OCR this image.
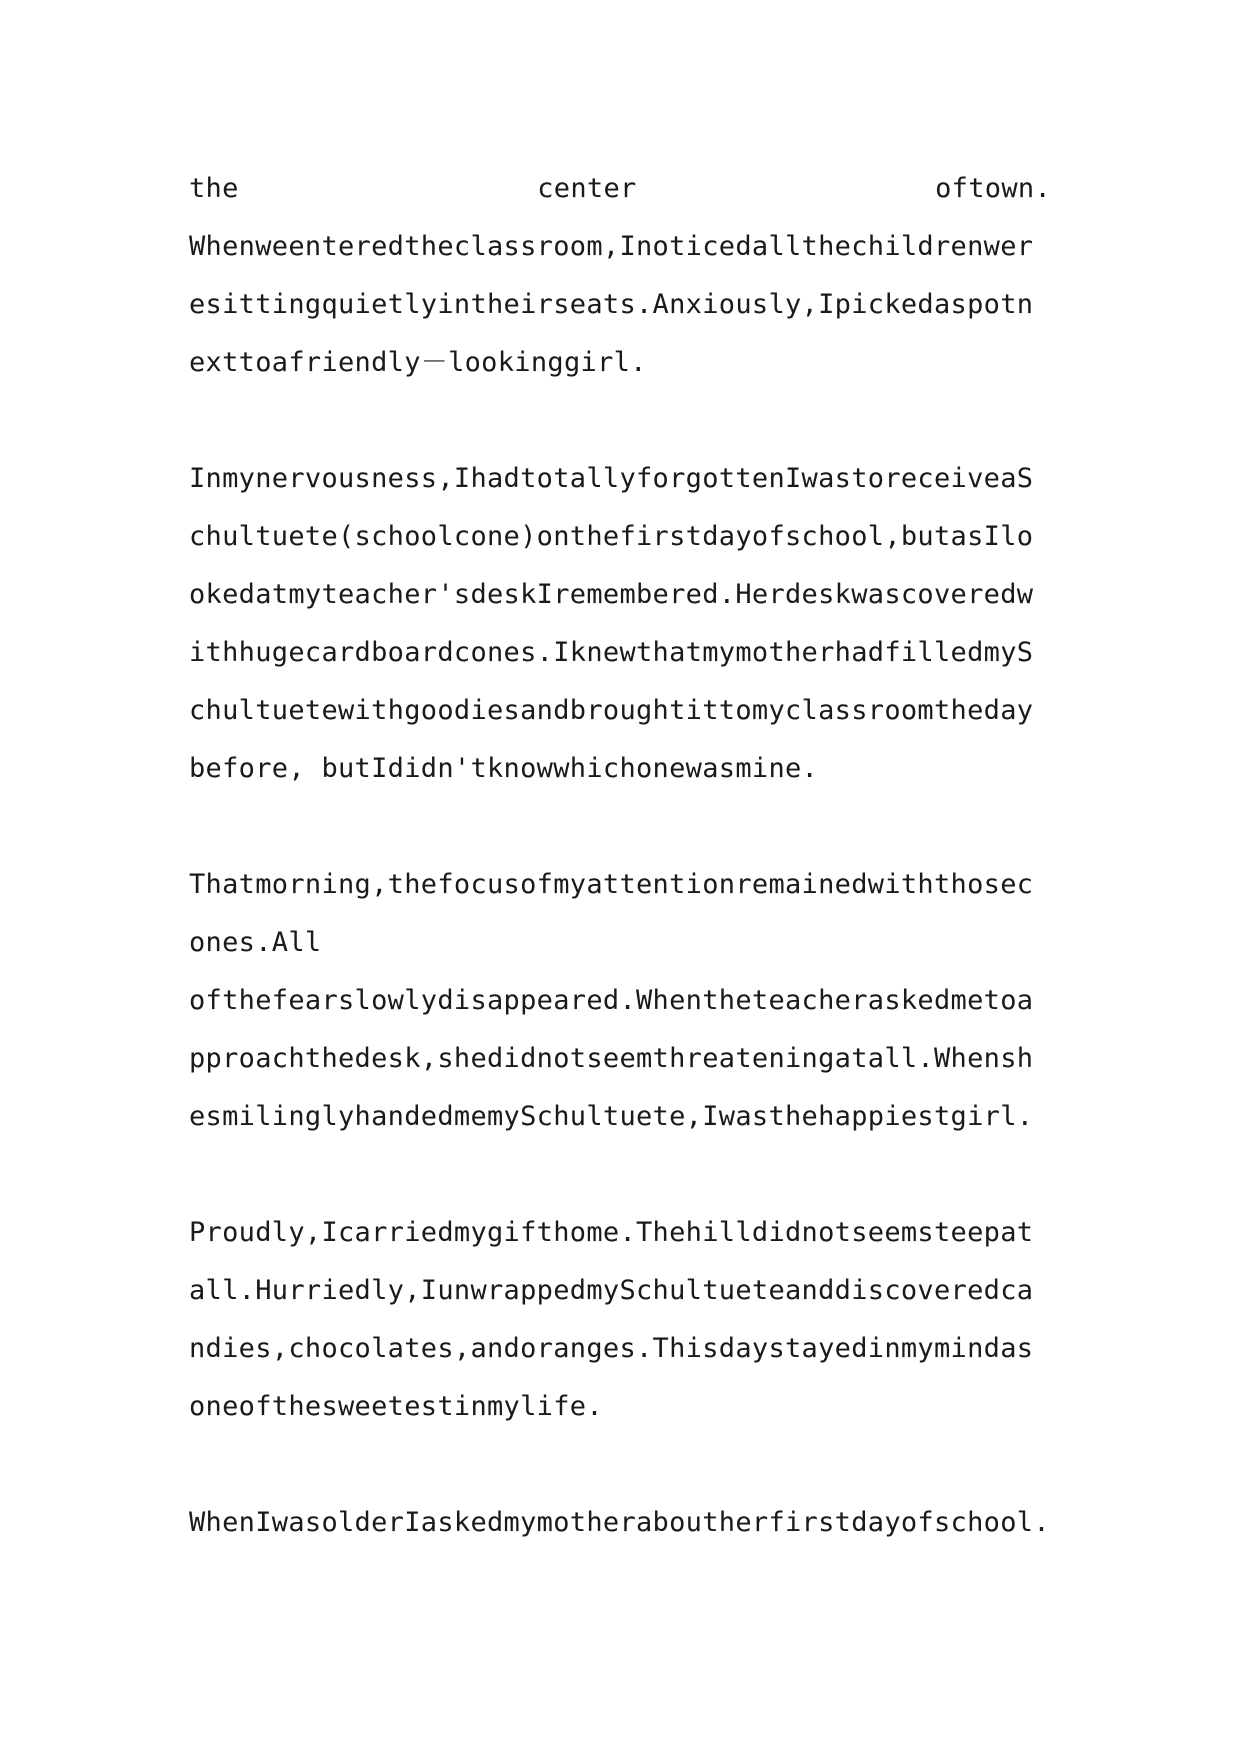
the	center	oftown.
Whenweenteredtheclassroom,Inoticedallthechildrenwer
esittingquietlyintheirseats.Anxiously,Ipickedaspotn
exttoafriendly－lookinggirl.
Inmynervousness,IhadtotallyforgottenIwastoreceiveaS
chultuete(schoolcone)onthefirstdayofschool,butasIlo
okedatmyteacher'sdeskIremembered.Herdeskwascoveredw
ithhugecardboardcones.IknewthatmymotherhadfilledmyS
chultuetewithgoodiesandbroughtittomyclassroomtheday
before, butIdidn'tknowwhichonewasmine.
Thatmorning,thefocusofmyattentionremainedwiththosec
ones.All
ofthefearslowlydisappeared.Whentheteacheraskedmetoa
pproachthedesk,shedidnotseemthreateningatall.Whensh
esmilinglyhandedmemySchultuete,Iwasthehappiestgirl.
Proudly,Icarriedmygifthome.Thehilldidnotseemsteepat
all.Hurriedly,IunwrappedmySchultueteanddiscoveredca
ndies,chocolates,andoranges.Thisdaystayedinmymindas
oneofthesweetestinmylife.
WhenIwasolderIaskedmymotheraboutherfirstdayofschool.
